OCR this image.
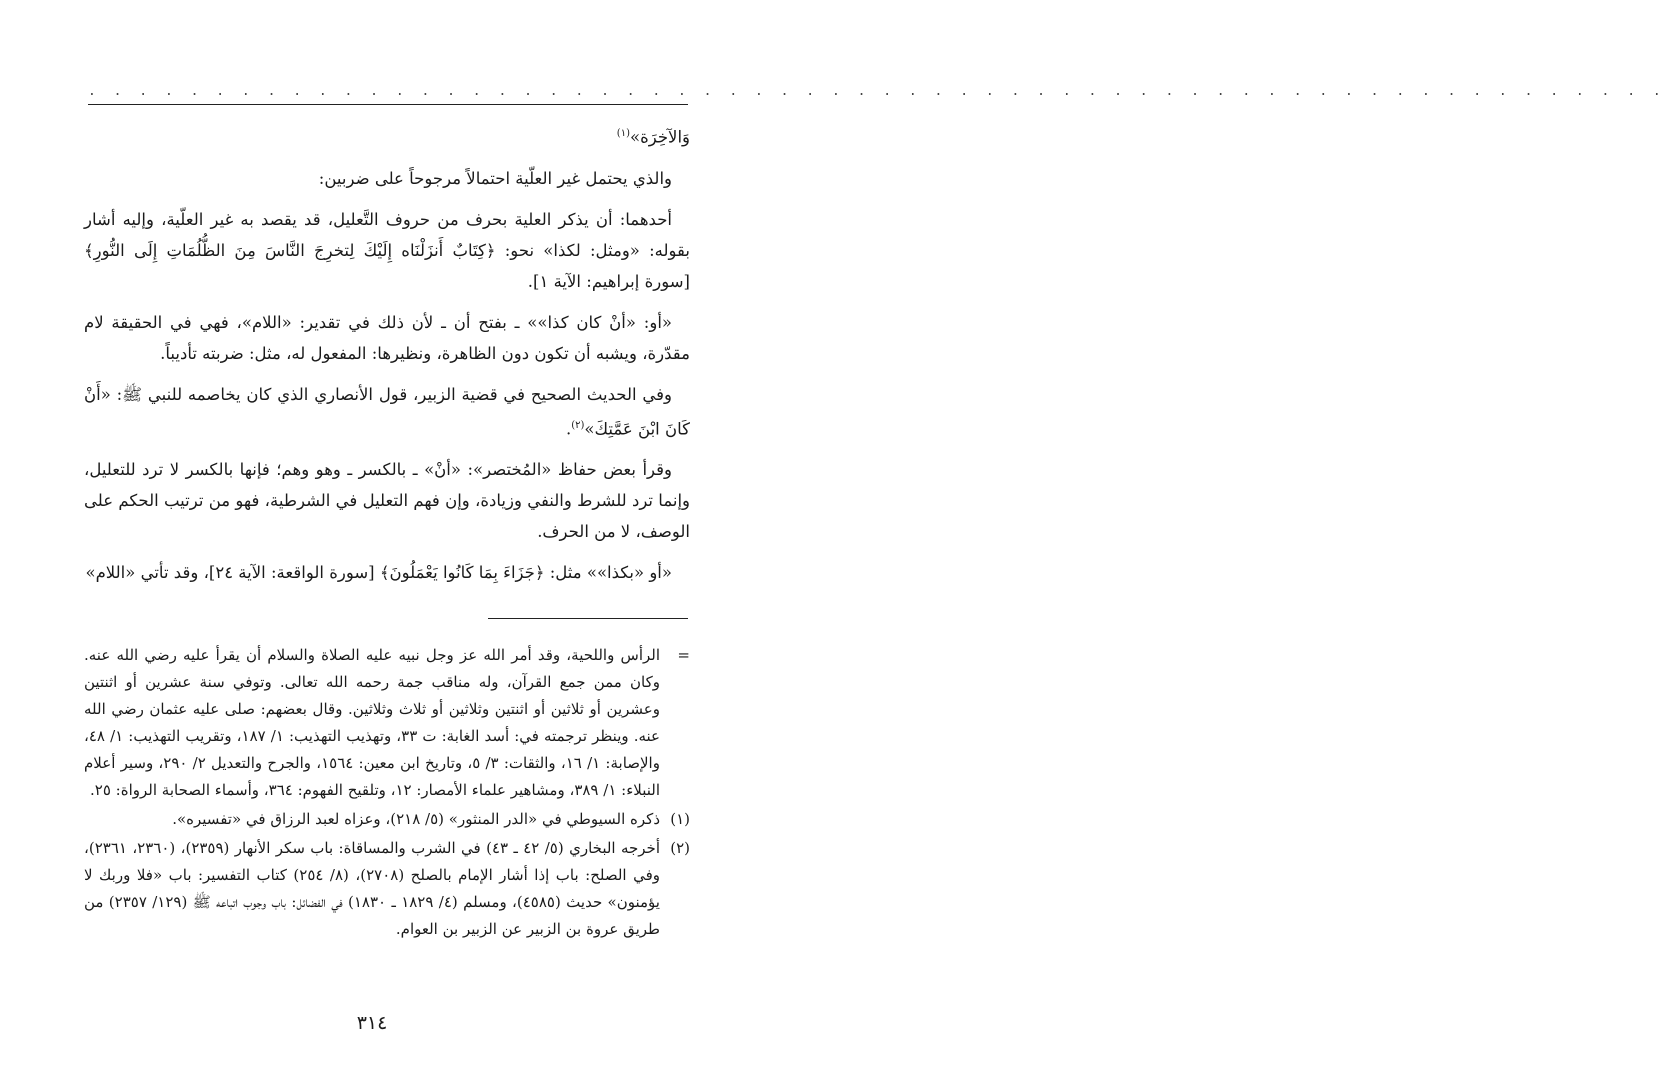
. . . . . . . . . . . . . . . . . . . . . . . . . . . . . . . . . . . . . . . . . . . . . . . . . . . . . . . . . . . . . .

وَالآخِرَة»$^{(١)}$

والذي يحتمل غير العلّية احتمالاً مرجوحاً على ضربين:

أحدهما: أن يذكر العلية بحرف من حروف التَّعليل، قد يقصد به غير العلّية، وإليه أشار بقوله: «ومثل: لكذا» نحو: ﴿كِتَابٌ أَنزَلْنَاه إِلَيْكَ لِتخرِجَ النَّاسَ مِنَ الظُّلُمَاتِ إِلَى النُّورِ﴾ [سورة إبراهيم: الآية ١].

«أو: «أنْ كان كذا»» ـ بفتح أن ـ لأن ذلك في تقدير: «اللام»، فهي في الحقيقة لام مقدّرة، ويشبه أن تكون دون الظاهرة، ونظيرها: المفعول له، مثل: ضربته تأديباً.

وفي الحديث الصحيح في قضية الزبير، قول الأنصاري الذي كان يخاصمه للنبي ﷺ: «أَنْ كَانَ ابْنَ عَمَّتِكَ»$^{(٢)}$.

وقرأ بعض حفاظ «المُختصر»: «أنْ» ـ بالكسر ـ وهو وهم؛ فإنها بالكسر لا ترد للتعليل، وإنما ترد للشرط والنفي وزيادة، وإن فهم التعليل في الشرطية، فهو من ترتيب الحكم على الوصف، لا من الحرف.

«أو «بكذا»» مثل: ﴿جَزَاءَ بِمَا كَانُوا يَعْمَلُونَ﴾ [سورة الواقعة: الآية ٢٤]، وقد تأتي «اللام»

=
الرأس واللحية، وقد أمر الله عز وجل نبيه عليه الصلاة والسلام أن يقرأ عليه رضي الله عنه. وكان ممن جمع القرآن، وله مناقب جمة رحمه الله تعالى. وتوفي سنة عشرين أو اثنتين وعشرين أو ثلاثين أو اثنتين وثلاثين أو ثلاث وثلاثين. وقال بعضهم: صلى عليه عثمان رضي الله عنه. وينظر ترجمته في: أسد الغابة: ت ٣٣، وتهذيب التهذيب: ١/ ١٨٧، وتقريب التهذيب: ١/ ٤٨، والإصابة: ١/ ١٦، والثقات: ٣/ ٥، وتاريخ ابن معين: ١٥٦٤، والجرح والتعديل ٢/ ٢٩٠، وسير أعلام النبلاء: ١/ ٣٨٩، ومشاهير علماء الأمصار: ١٢، وتلقيح الفهوم: ٣٦٤، وأسماء الصحابة الرواة: ٢٥.
(١)
ذكره السيوطي في «الدر المنثور» (٥/ ٢١٨)، وعزاه لعبد الرزاق في «تفسيره».
(٢)
أخرجه البخاري (٥/ ٤٢ ـ ٤٣) في الشرب والمساقاة: باب سكر الأنهار (٢٣٥٩)، (٢٣٦٠، ٢٣٦١)، وفي الصلح: باب إذا أشار الإمام بالصلح (٢٧٠٨)، (٨/ ٢٥٤) كتاب التفسير: باب «فلا وربك لا يؤمنون» حديث (٤٥٨٥)، ومسلم (٤/ ١٨٢٩ ـ ١٨٣٠) في الفضائل: باب وجوب اتباعه ﷺ (١٢٩/ ٢٣٥٧) من طريق عروة بن الزبير عن الزبير بن العوام.
٣١٤
